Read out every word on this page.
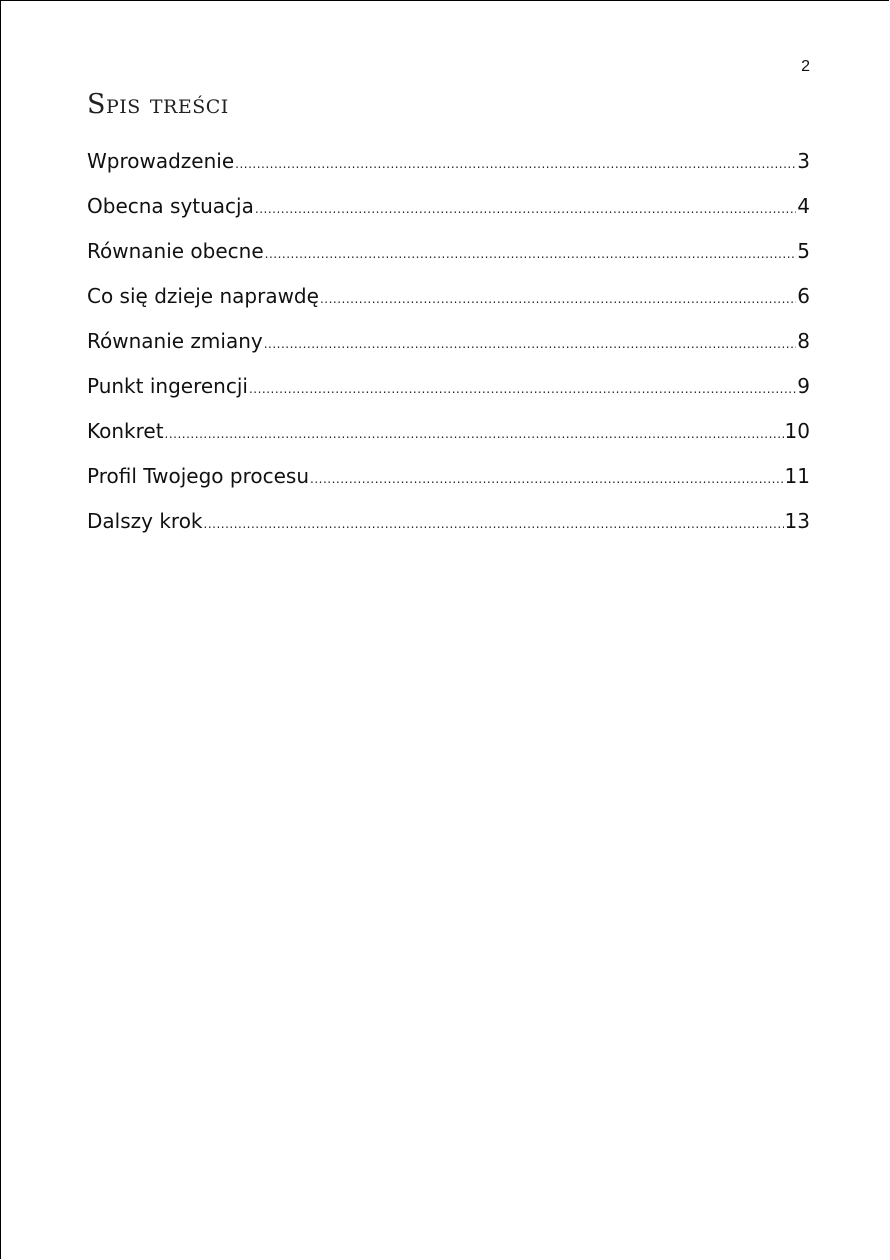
2
Spis treści
Wprowadzenie .....	3
Obecna sytuacja .....	4
Równanie obecne .....	5
Co się dzieje naprawdę .....	6
Równanie zmiany .....	8
Punkt ingerencji .....	9
Konkret .....	10
Profil Twojego procesu .....	11
Dalszy krok .....	13
